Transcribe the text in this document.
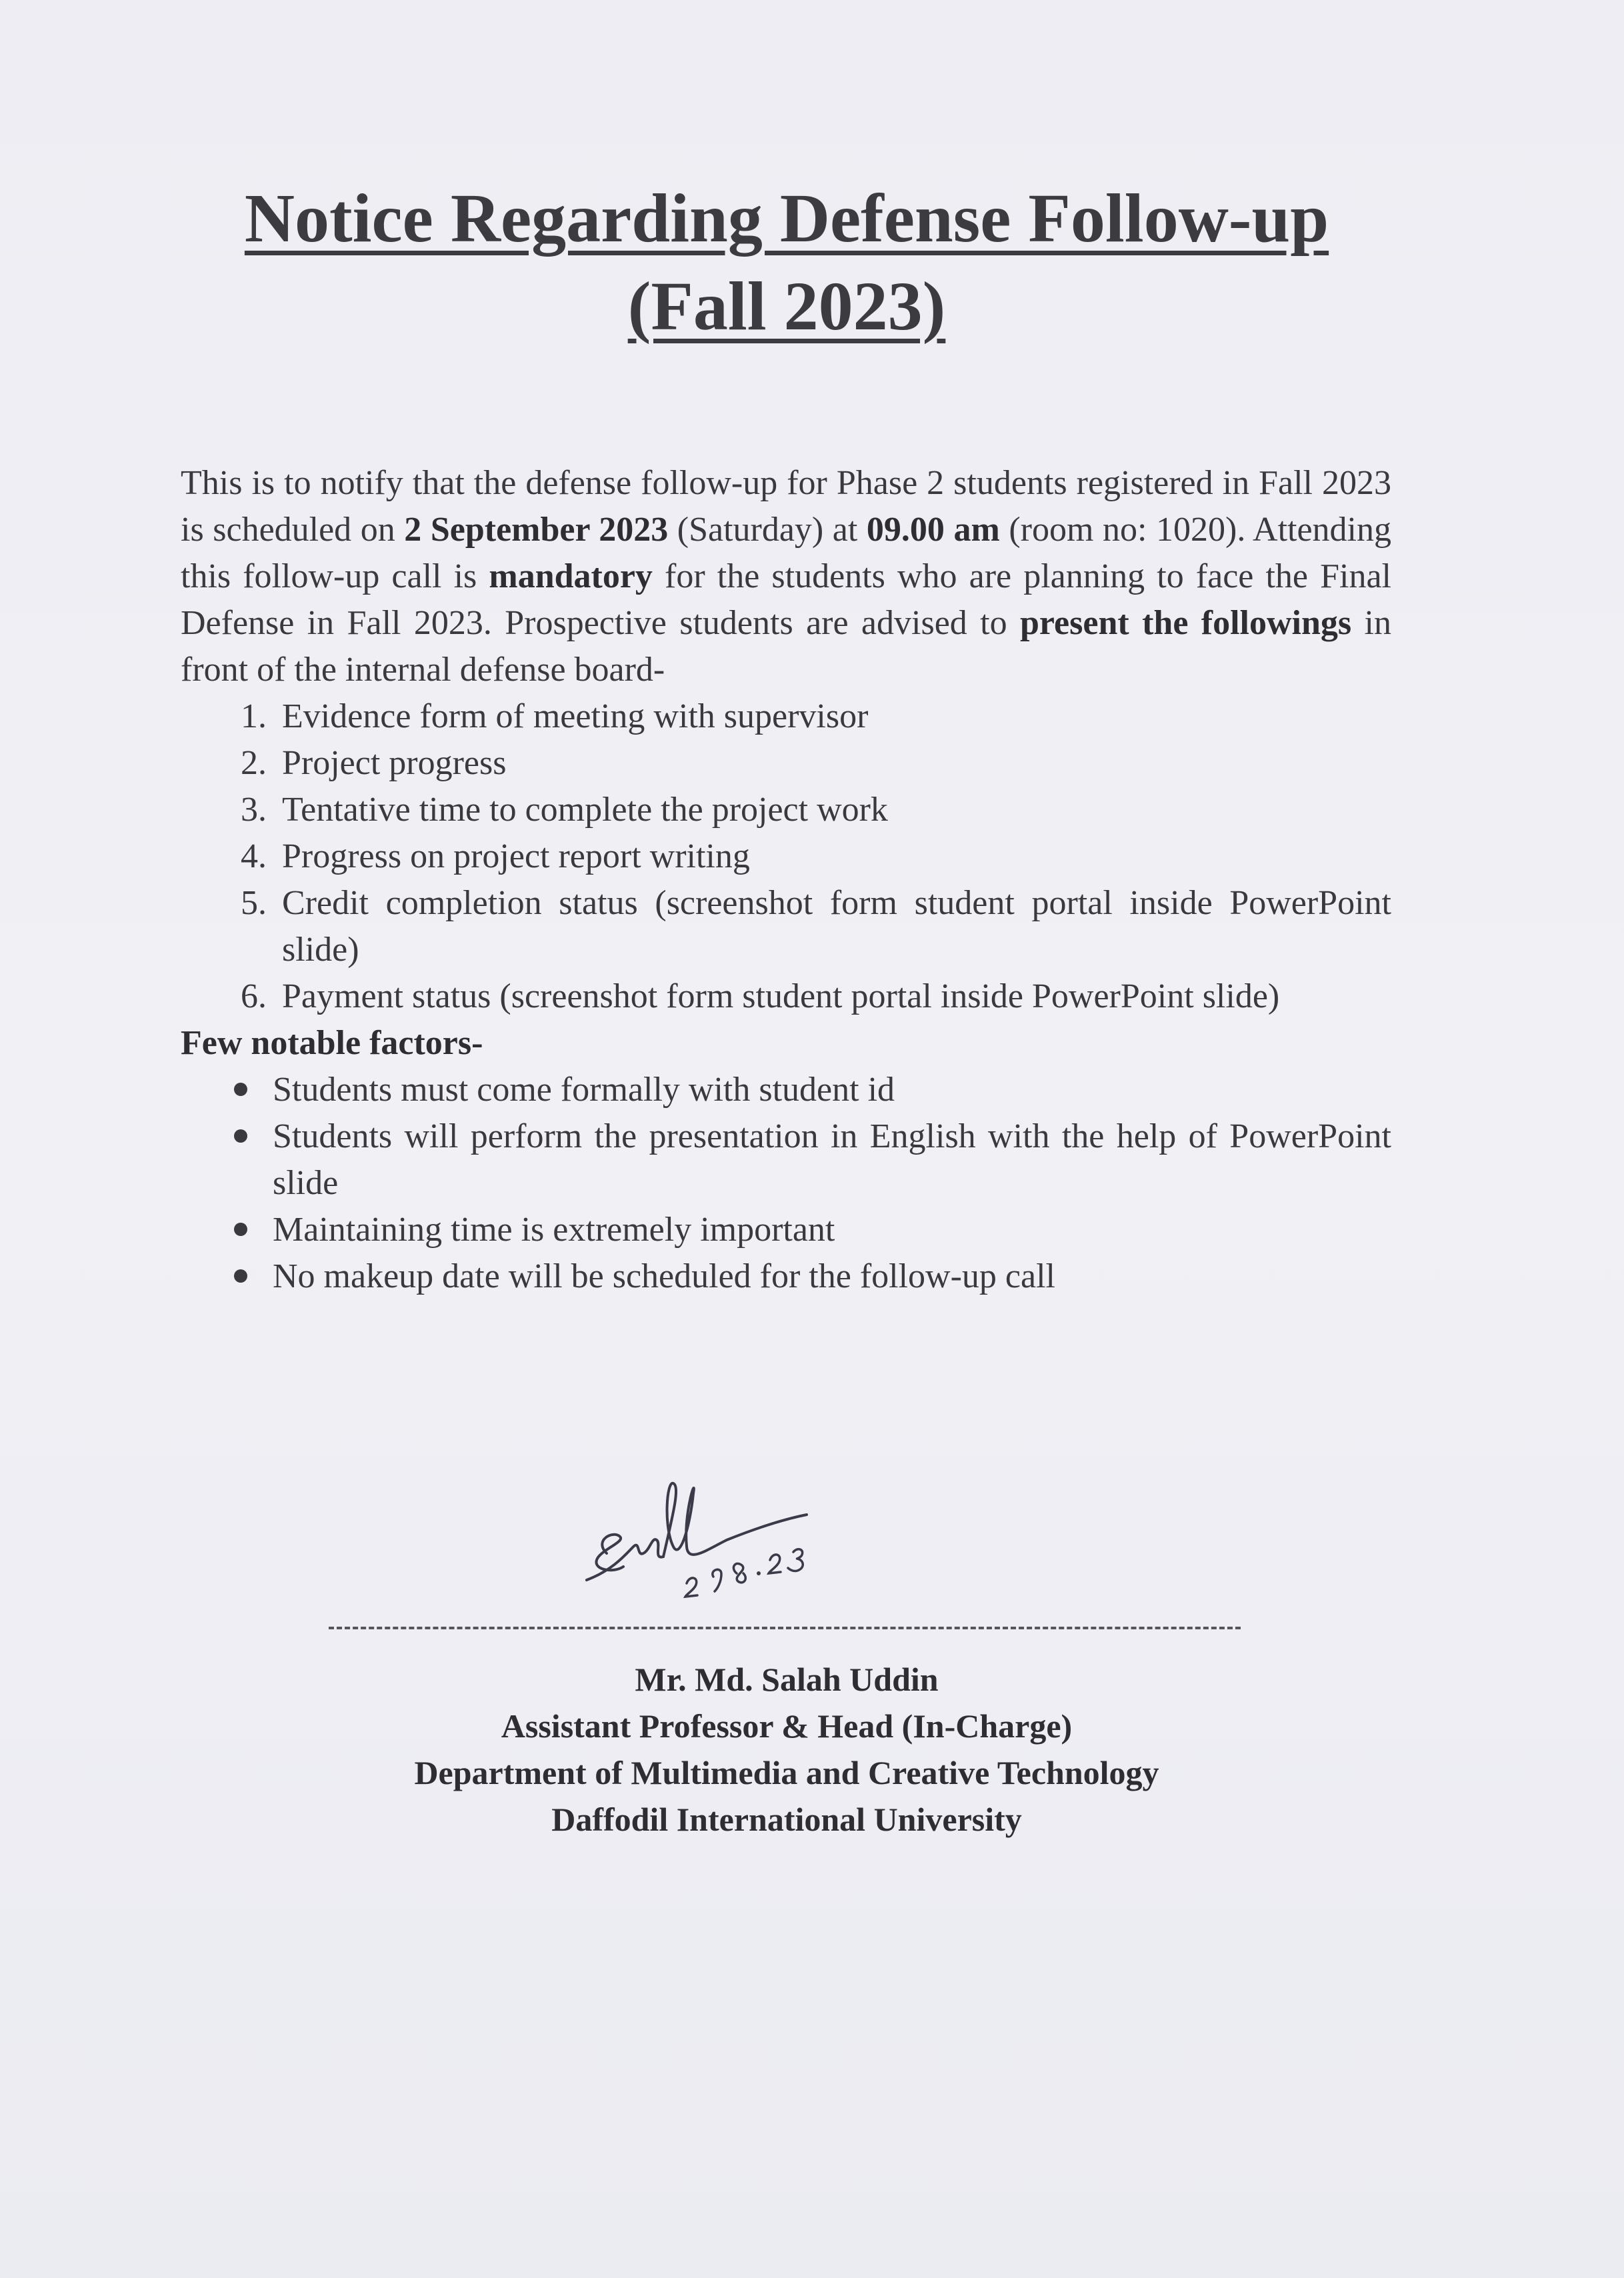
Notice Regarding Defense Follow-up
(Fall 2023)

This is to notify that the defense follow-up for Phase 2 students registered in Fall 2023 is scheduled on 2 September 2023 (Saturday) at 09.00 am (room no: 1020). Attending this follow-up call is mandatory for the students who are planning to face the Final Defense in Fall 2023. Prospective students are advised to present the followings in front of the internal defense board-

1. Evidence form of meeting with supervisor
2. Project progress
3. Tentative time to complete the project work
4. Progress on project report writing
5. Credit completion status (screenshot form student portal inside PowerPoint slide)
6. Payment status (screenshot form student portal inside PowerPoint slide)

Few notable factors-

Students must come formally with student id
Students will perform the presentation in English with the help of PowerPoint slide
Maintaining time is extremely important
No makeup date will be scheduled for the follow-up call
Mr. Md. Salah Uddin
Assistant Professor & Head (In-Charge)
Department of Multimedia and Creative Technology
Daffodil International University
